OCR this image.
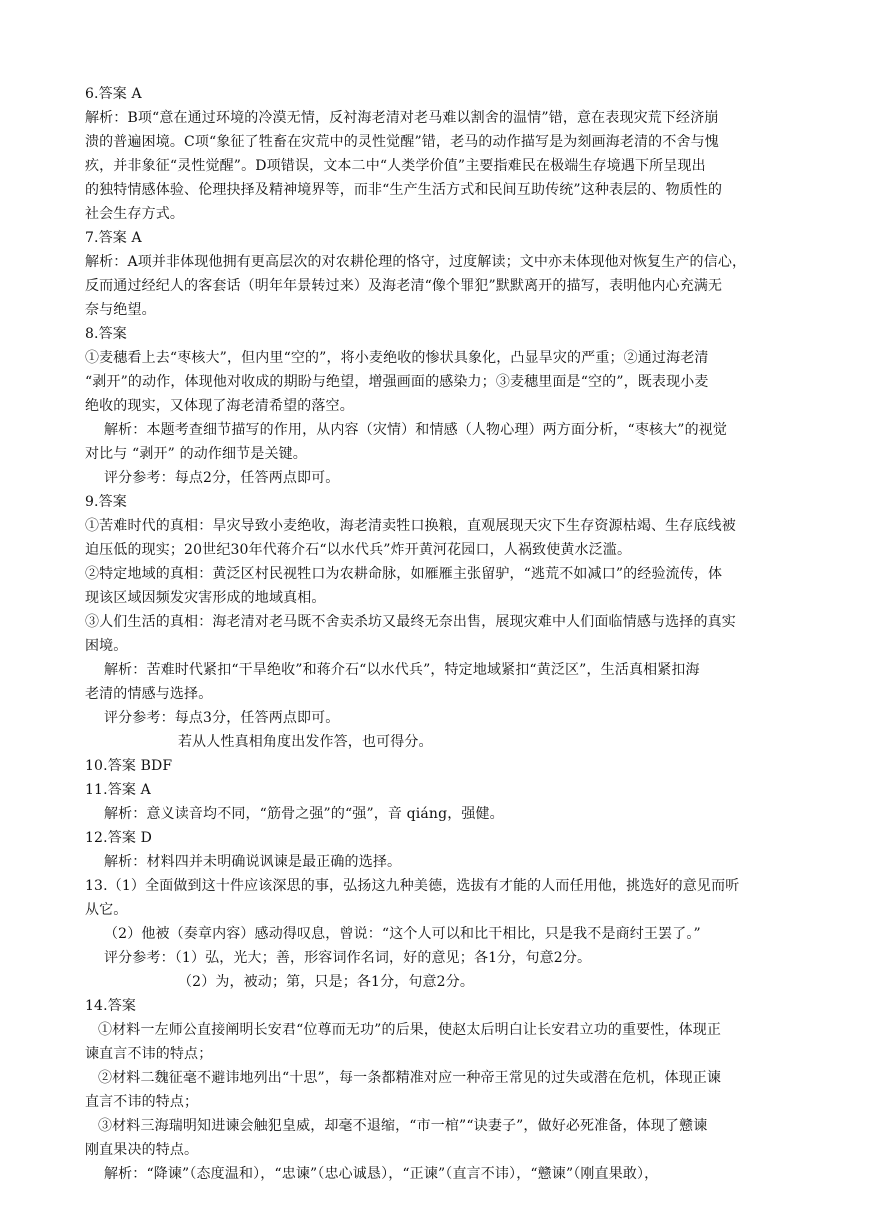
6.答案 A
解析：B项“意在通过环境的冷漠无情，反衬海老清对老马难以割舍的温情”错，意在表现灾荒下经济崩
溃的普遍困境。C项“象征了牲畜在灾荒中的灵性觉醒”错，老马的动作描写是为刻画海老清的不舍与愧
疚，并非象征“灵性觉醒”。D项错误，文本二中“人类学价值”主要指难民在极端生存境遇下所呈现出
的独特情感体验、伦理抉择及精神境界等，而非“生产生活方式和民间互助传统”这种表层的、物质性的
社会生存方式。
7.答案 A
解析：A项并非体现他拥有更高层次的对农耕伦理的恪守，过度解读；文中亦未体现他对恢复生产的信心，
反而通过经纪人的客套话（明年年景转过来）及海老清“像个罪犯”默默离开的描写，表明他内心充满无
奈与绝望。
8.答案
①麦穗看上去“枣核大”，但内里“空的”，将小麦绝收的惨状具象化，凸显旱灾的严重；②通过海老清
“剥开”的动作，体现他对收成的期盼与绝望，增强画面的感染力；③麦穗里面是“空的”，既表现小麦
绝收的现实，又体现了海老清希望的落空。
解析：本题考查细节描写的作用，从内容（灾情）和情感（人物心理）两方面分析，“枣核大”的视觉
对比与 “剥开” 的动作细节是关键。
评分参考：每点2分，任答两点即可。
9.答案
①苦难时代的真相：旱灾导致小麦绝收，海老清卖牲口换粮，直观展现天灾下生存资源枯竭、生存底线被
迫压低的现实；20世纪30年代蒋介石“以水代兵”炸开黄河花园口，人祸致使黄水泛滥。
②特定地域的真相：黄泛区村民视牲口为农耕命脉，如雁雁主张留驴，“逃荒不如减口”的经验流传，体
现该区域因频发灾害形成的地域真相。
③人们生活的真相：海老清对老马既不舍卖杀坊又最终无奈出售，展现灾难中人们面临情感与选择的真实
困境。
解析：苦难时代紧扣“干旱绝收”和蒋介石“以水代兵”，特定地域紧扣“黄泛区”，生活真相紧扣海
老清的情感与选择。
评分参考：每点3分，任答两点即可。
若从人性真相角度出发作答，也可得分。
10.答案 BDF
11.答案 A
解析：意义读音均不同，“筋骨之强”的“强”，音 qiáng，强健。
12.答案 D
解析：材料四并未明确说讽谏是最正确的选择。
13.（1）全面做到这十件应该深思的事，弘扬这九种美德，选拔有才能的人而任用他，挑选好的意见而听
从它。
（2）他被（奏章内容）感动得叹息，曾说：“这个人可以和比干相比，只是我不是商纣王罢了。”
评分参考：（1）弘，光大；善，形容词作名词，好的意见；各1分，句意2分。
（2）为，被动；第，只是；各1分，句意2分。
14.答案
①材料一左师公直接阐明长安君“位尊而无功”的后果，使赵太后明白让长安君立功的重要性，体现正
谏直言不讳的特点；
②材料二魏征毫不避讳地列出“十思”，每一条都精准对应一种帝王常见的过失或潜在危机，体现正谏
直言不讳的特点；
③材料三海瑞明知进谏会触犯皇威，却毫不退缩，“市一棺”“诀妻子”，做好必死准备，体现了戆谏
刚直果决的特点。
解析：“降谏”（态度温和），“忠谏”（忠心诚恳），“正谏”（直言不讳），“戆谏”（刚直果敢），
